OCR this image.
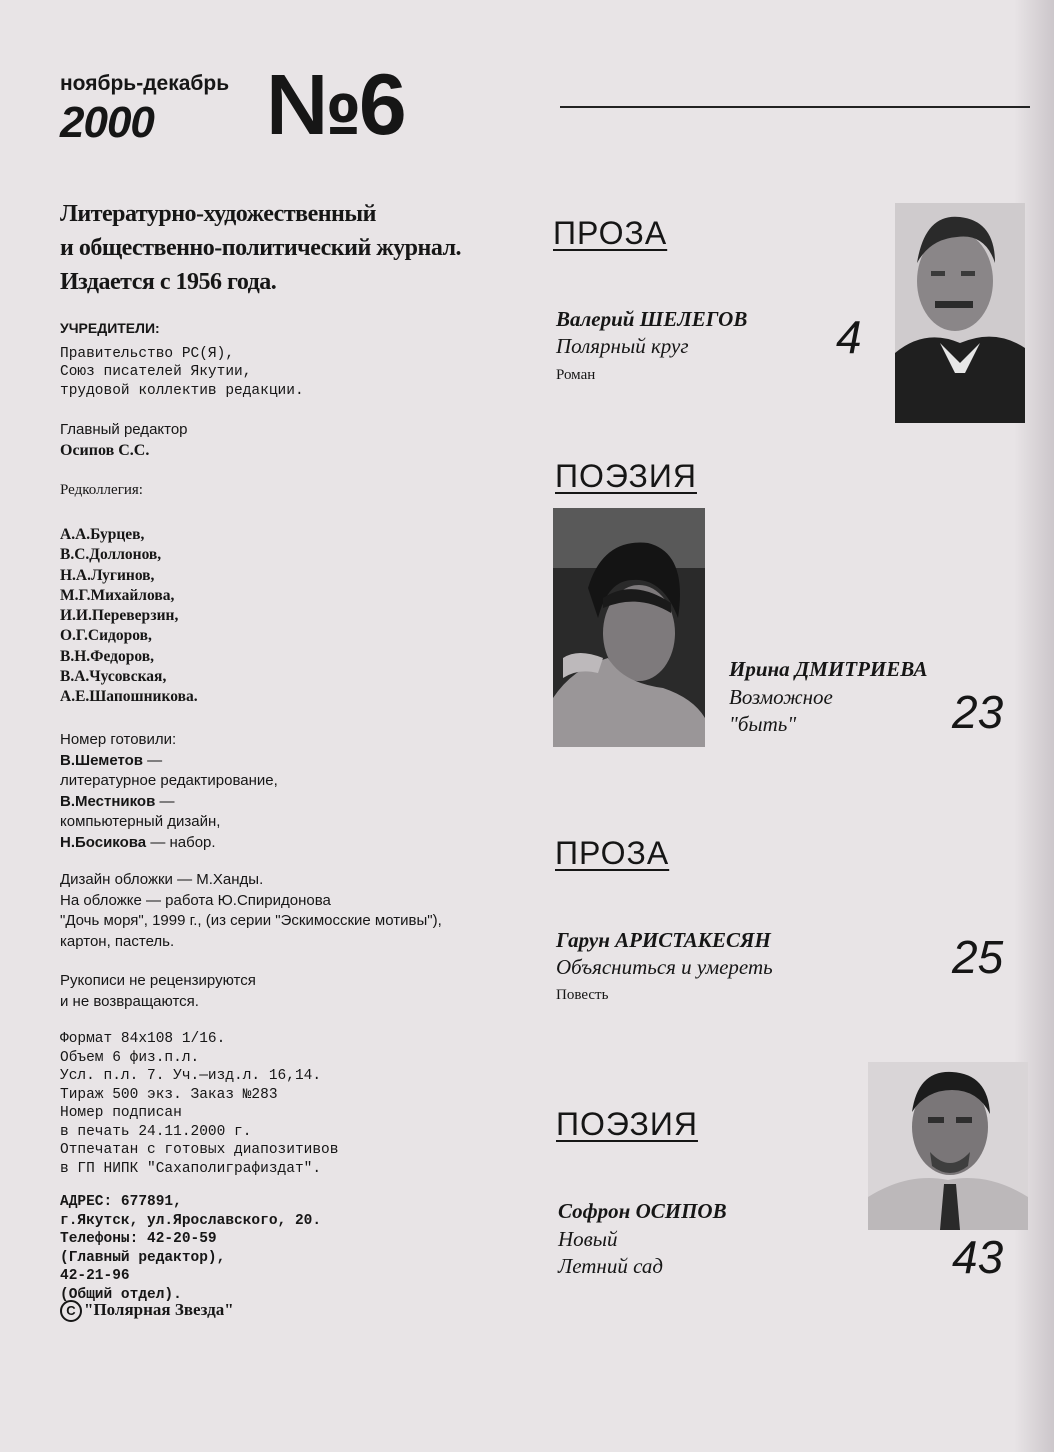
ноябрь-декабрь
2000 №6
Литературно-художественный
и общественно-политический журнал.
Издается с 1956 года.
УЧРЕДИТЕЛИ:
Правительство РС(Я),
Союз писателей Якутии,
трудовой коллектив редакции.
Главный редактор
Осипов С.С.
Редколлегия:
А.А.Бурцев,
В.С.Доллонов,
Н.А.Лугинов,
М.Г.Михайлова,
И.И.Переверзин,
О.Г.Сидоров,
В.Н.Федоров,
В.А.Чусовская,
А.Е.Шапошникова.
Номер готовили:
В.Шеметов —
литературное редактирование,
В.Местников —
компьютерный дизайн,
Н.Босикова — набор.
Дизайн обложки — М.Ханды.
На обложке — работа Ю.Спиридонова
"Дочь моря", 1999 г., (из серии "Эскимосские мотивы"),
картон, пастель.
Рукописи не рецензируются
и не возвращаются.
Формат 84х108 1/16.
Объем 6 физ.п.л.
Усл. п.л. 7. Уч.—изд.л. 16,14.
Тираж 500 экз. Заказ №283
Номер подписан
в печать 24.11.2000 г.
Отпечатан с готовых диапозитивов
в ГП НИПК "Сахаполиграфиздат".
АДРЕС: 677891,
г.Якутск, ул.Ярославского, 20.
Телефоны: 42-20-59
(Главный редактор),
42-21-96
(Общий отдел).
C "Полярная Звезда"
ПРОЗА
Валерий ШЕЛЕГОВ
Полярный круг
Роман
4
ПОЭЗИЯ
Ирина ДМИТРИЕВА
Возможное
"быть"	23
ПРОЗА
Гарун АРИСТАКЕСЯН
Объясниться и умереть
Повесть
25
ПОЭЗИЯ
Софрон ОСИПОВ
Новый
Летний сад	43
